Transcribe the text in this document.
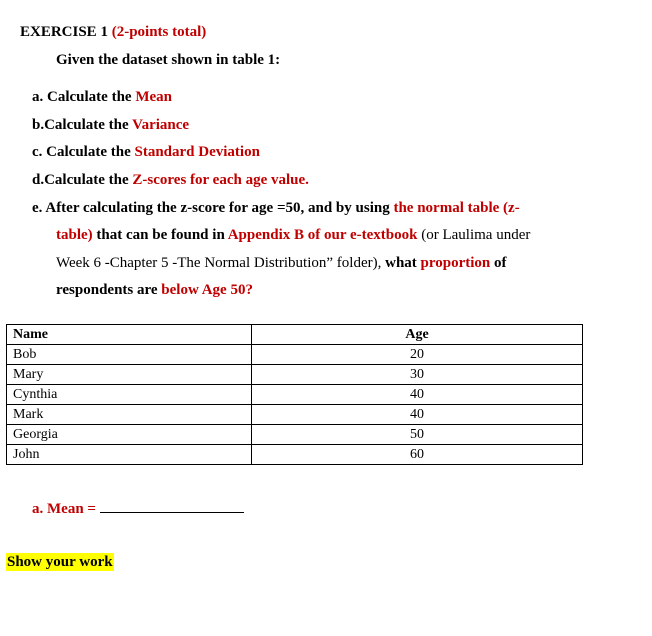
EXERCISE 1 (2-points total)
Given the dataset shown in table 1:
a. Calculate the Mean
b.Calculate the Variance
c. Calculate the Standard Deviation
d.Calculate the Z-scores for each age value.
e. After calculating the z-score for age =50, and by using the normal table (z-
table) that can be found in Appendix B of our e-textbook (or Laulima under
Week 6 -Chapter 5 -The Normal Distribution” folder), what proportion of
respondents are below Age 50?
Name	Age
Bob	20
Mary	30
Cynthia	40
Mark	40
Georgia	50
John	60
a. Mean =
Show your work
